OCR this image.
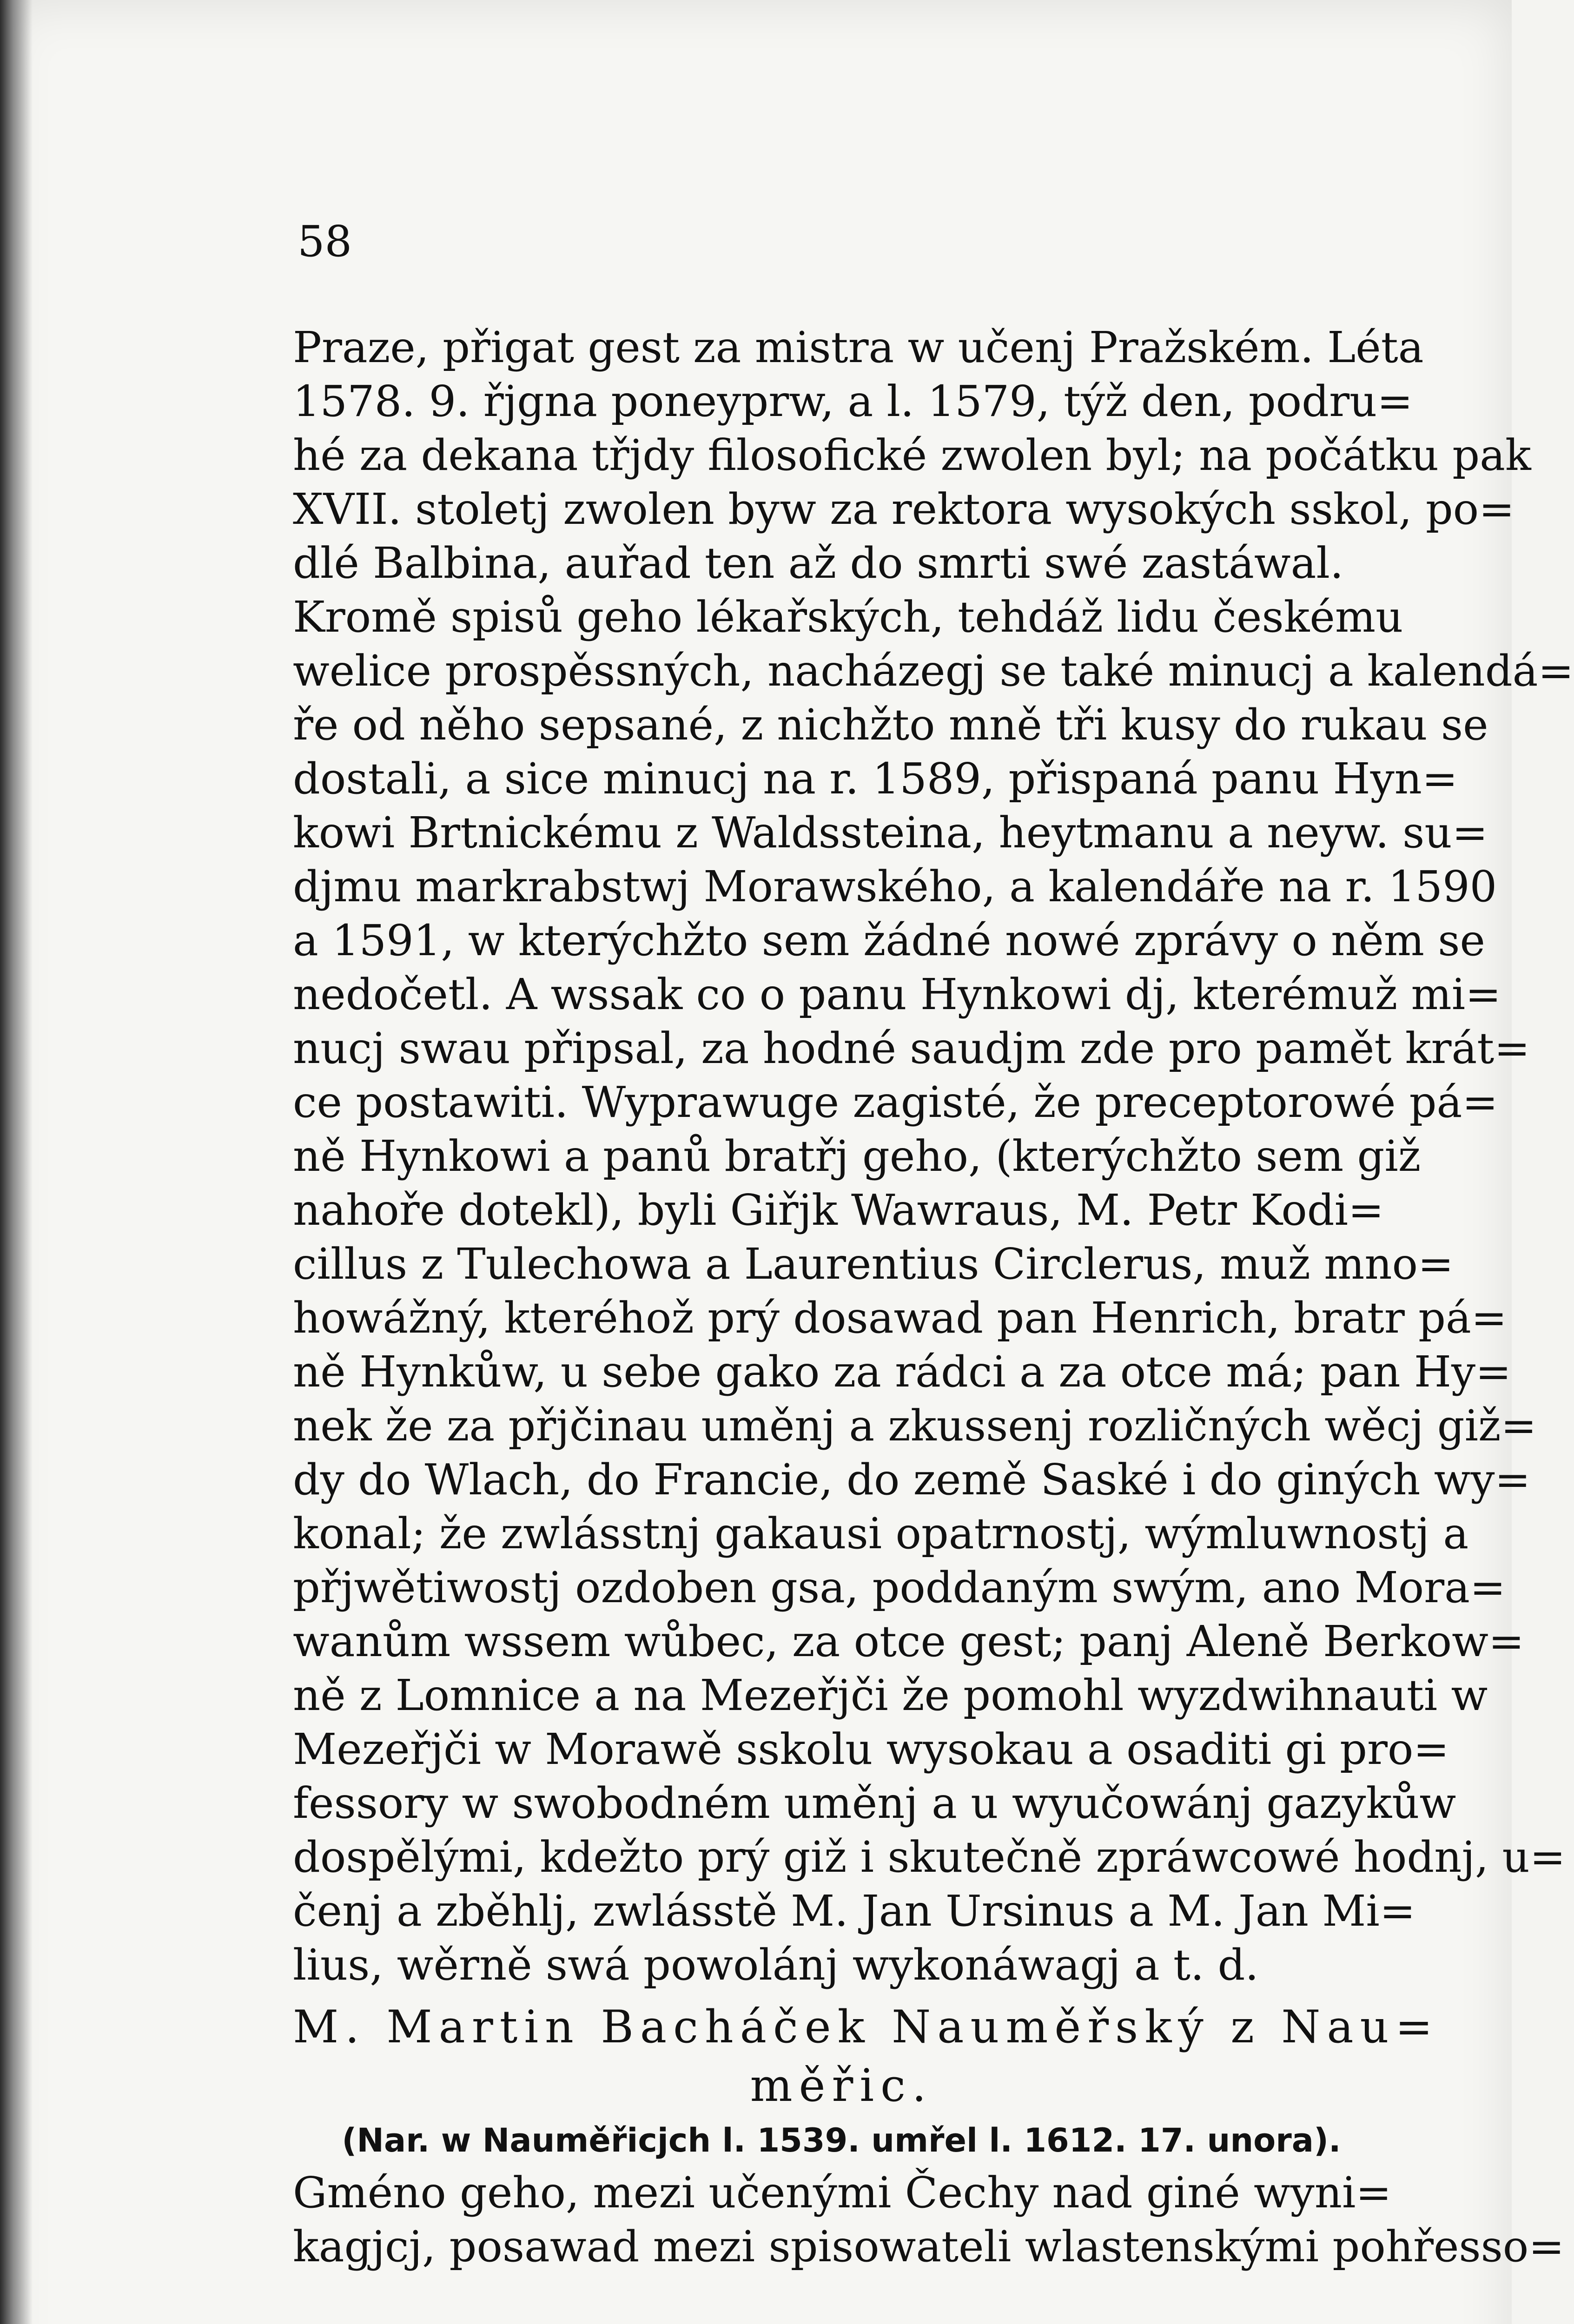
58
Praze, přigat gest za mistra w učenj Pražském. Léta
1578. 9. řjgna poneyprw, a l. 1579, týž den, podru=
hé za dekana třjdy filosofické zwolen byl; na počátku pak
XVII. stoletj zwolen byw za rektora wysokých sskol, po=
dlé Balbina, auřad ten až do smrti swé zastáwal.
Kromě spisů geho lékařských, tehdáž lidu českému
welice prospěssných, nacházegj se také minucj a kalendá=
ře od něho sepsané, z nichžto mně tři kusy do rukau se
dostali, a sice minucj na r. 1589, přispaná panu Hyn=
kowi Brtnickému z Waldssteina, heytmanu a neyw. su=
djmu markrabstwj Morawského, a kalendáře na r. 1590
a 1591, w kterýchžto sem žádné nowé zprávy o něm se
nedočetl. A wssak co o panu Hynkowi dj, kterémuž mi=
nucj swau připsal, za hodné saudjm zde pro pamět krát=
ce postawiti. Wyprawuge zagisté, že preceptorowé pá=
ně Hynkowi a panů bratřj geho, (kterýchžto sem giž
nahoře dotekl), byli Giřjk Wawraus, M. Petr Kodi=
cillus z Tulechowa a Laurentius Circlerus, muž mno=
howážný, kteréhož prý dosawad pan Henrich, bratr pá=
ně Hynkůw, u sebe gako za rádci a za otce má; pan Hy=
nek že za přjčinau uměnj a zkussenj rozličných wěcj giž=
dy do Wlach, do Francie, do země Saské i do giných wy=
konal; že zwlásstnj gakausi opatrnostj, wýmluwnostj a
přjwětiwostj ozdoben gsa, poddaným swým, ano Mora=
wanům wssem wůbec, za otce gest; panj Aleně Berkow=
ně z Lomnice a na Mezeřjči že pomohl wyzdwihnauti w
Mezeřjči w Morawě sskolu wysokau a osaditi gi pro=
fessory w swobodném uměnj a u wyučowánj gazykůw
dospělými, kdežto prý giž i skutečně zpráwcowé hodnj, u=
čenj a zběhlj, zwlásstě M. Jan Ursinus a M. Jan Mi=
lius, wěrně swá powolánj wykonáwagj a t. d.
M. Martin Bacháček Nauměřský z Nau=
měřic.
(Nar. w Nauměřicjch l. 1539. umřel l. 1612. 17. unora).
Gméno geho, mezi učenými Čechy nad giné wyni=
kagjcj, posawad mezi spisowateli wlastenskými pohřesso=
